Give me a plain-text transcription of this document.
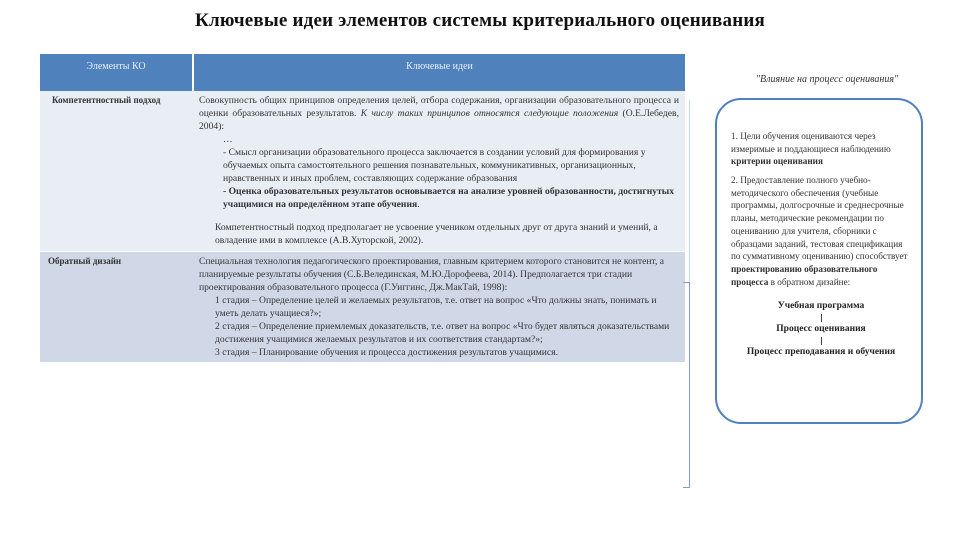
Ключевые идеи элементов системы критериального оценивания
Элементы КО	Ключевые идеи
Компетентностный подход	Совокупность общих принципов определения целей, отбора содержания, организации образовательного процесса и оценки образовательных результатов. К числу таких принципов относятся следующие положения (О.Е.Лебедев, 2004):

…

- Смысл организации образовательного процесса заключается в создании условий для формирования у обучаемых опыта самостоятельного решения познавательных, коммуникативных, организационных, нравственных и иных проблем, составляющих содержание образования

- Оценка образовательных результатов основывается на анализе уровней образованности, достигнутых учащимися на определённом этапе обучения.

Компетентностный подход предполагает не усвоение учеником отдельных друг от друга знаний и умений, а овладение ими в комплексе (А.В.Хуторской, 2002).

Обратный дизайн	Специальная технология педагогического проектирования, главным критерием которого становится не контент, а планируемые результаты обучения (С.Б.Велединская, М.Ю.Дорофеева, 2014). Предполагается три стадии проектирования образовательного процесса (Г.Уиггинс, Дж.МакТай, 1998):

1 стадия – Определение целей и желаемых результатов, т.е. ответ на вопрос «Что должны знать, понимать и уметь делать учащиеся?»;

2 стадия – Определение приемлемых доказательств, т.е. ответ на вопрос «Что будет являться доказательствами достижения учащимися желаемых результатов и их соответствия стандартам?»;

3 стадия – Планирование обучения и процесса достижения результатов учащимися.

"Влияние на процесс оценивания"

1. Цели обучения оцениваются через измеримые и поддающиеся наблюдению критерии оценивания

2. Предоставление полного учебно-методического обеспечения (учебные программы, долгосрочные и среднесрочные планы, методические рекомендации по оцениванию для учителя, сборники с образцами заданий, тестовая спецификация по суммативному оцениванию) способствует проектированию образовательного процесса в обратном дизайне:

Учебная программа

Процесс оценивания

Процесс преподавания и обучения
